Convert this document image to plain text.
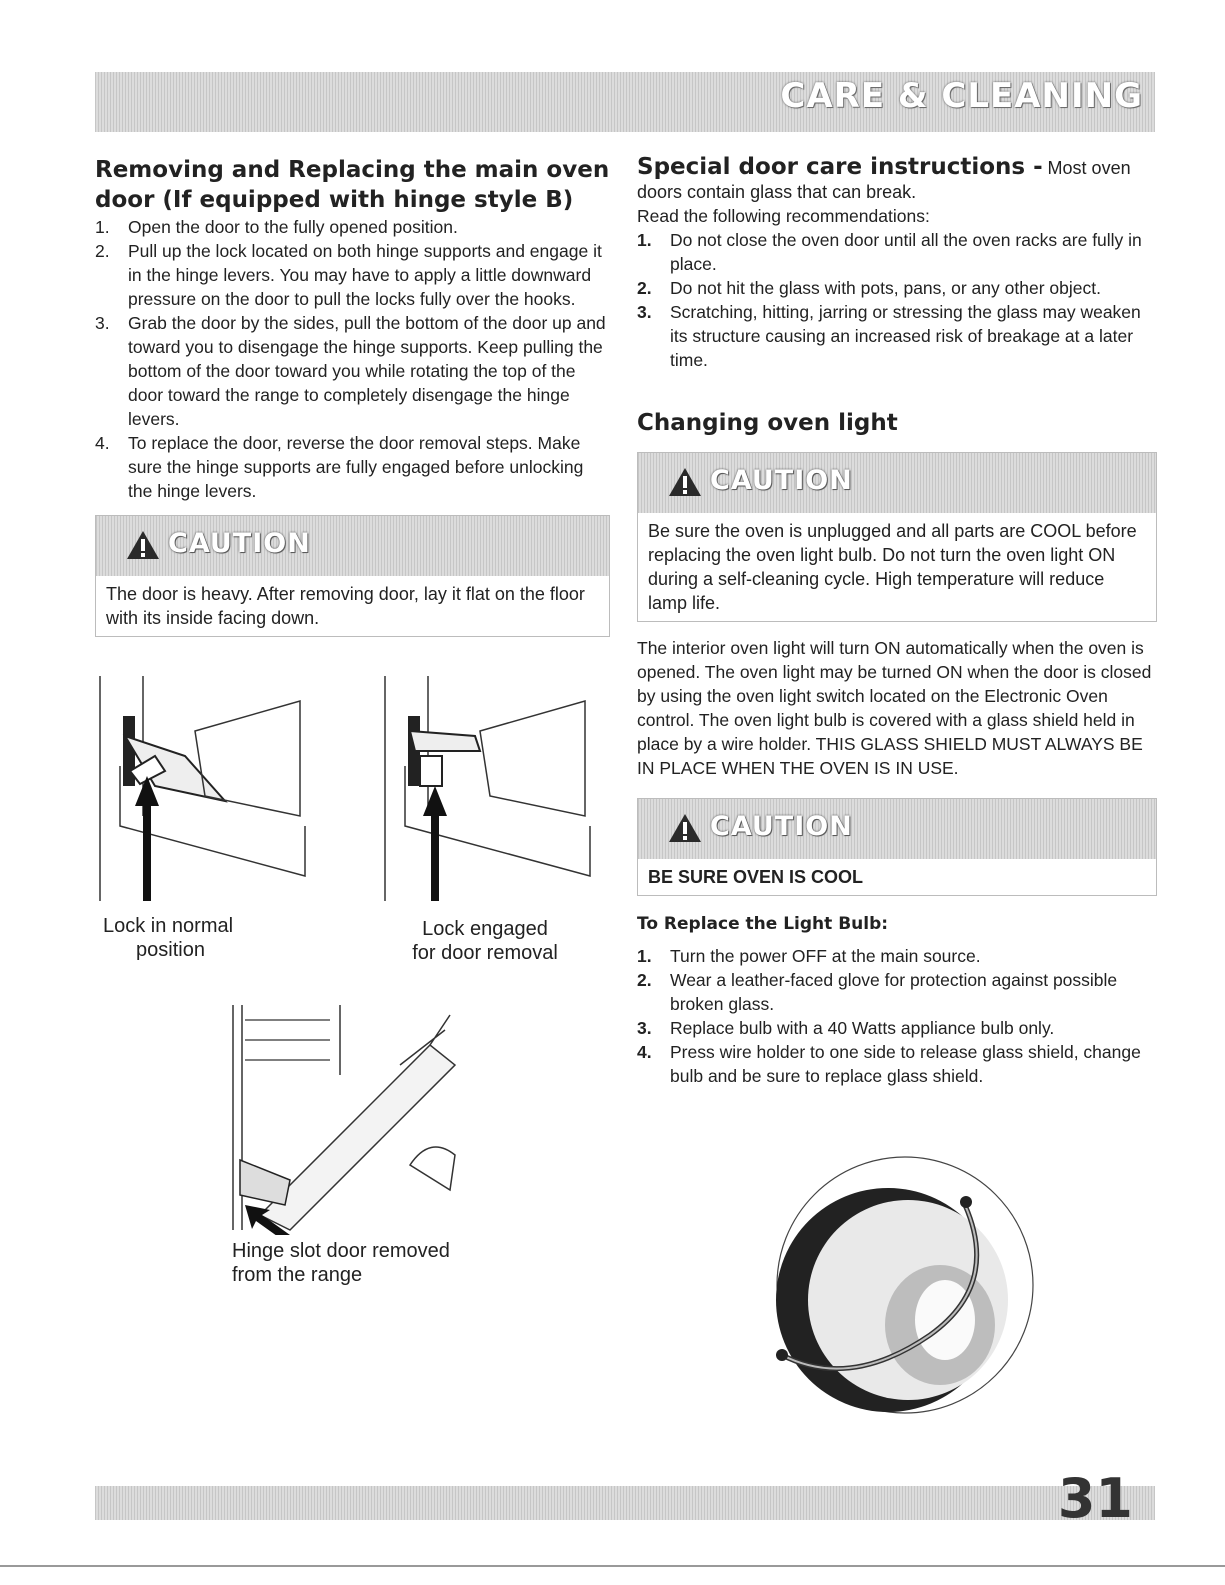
CARE & CLEANING
Removing and Replacing the main oven door (If equipped with hinge style B)
1. Open the door to the fully opened position.
2. Pull up the lock located on both hinge supports and engage it in the hinge levers. You may have to apply a little downward pressure on the door to pull the locks fully over the hooks.
3. Grab the door by the sides, pull the bottom of the door up and toward you to disengage the hinge supports. Keep pulling the bottom of the door toward you while rotating the top of the door toward the range to completely disengage the hinge levers.
4. To replace the door, reverse the door removal steps. Make sure the hinge supports are fully engaged before unlocking the hinge levers.
CAUTION

The door is heavy. After removing door, lay it flat on the floor with its inside facing down.

Lock in normal
position
Lock engaged
for door removal
Hinge slot door removed
from the range

Special door care instructions - Most oven doors contain glass that can break.

Read the following recommendations:

1. Do not close the oven door until all the oven racks are fully in place.
2. Do not hit the glass with pots, pans, or any other object.
3. Scratching, hitting, jarring or stressing the glass may weaken its structure causing an increased risk of breakage at a later time.
Changing oven light
CAUTION

Be sure the oven is unplugged and all parts are COOL before replacing the oven light bulb. Do not turn the oven light ON during a self-cleaning cycle. High temperature will reduce lamp life.

The interior oven light will turn ON automatically when the oven is opened. The oven light may be turned ON when the door is closed by using the oven light switch located on the Electronic Oven control. The oven light bulb is covered with a glass shield held in place by a wire holder. THIS GLASS SHIELD MUST ALWAYS BE IN PLACE WHEN THE OVEN IS IN USE.

CAUTION

BE SURE OVEN IS COOL

To Replace the Light Bulb:

1. Turn the power OFF at the main source.
2. Wear a leather-faced glove for protection against possible broken glass.
3. Replace bulb with a 40 Watts appliance bulb only.
4. Press wire holder to one side to release glass shield, change bulb and be sure to replace glass shield.
31
